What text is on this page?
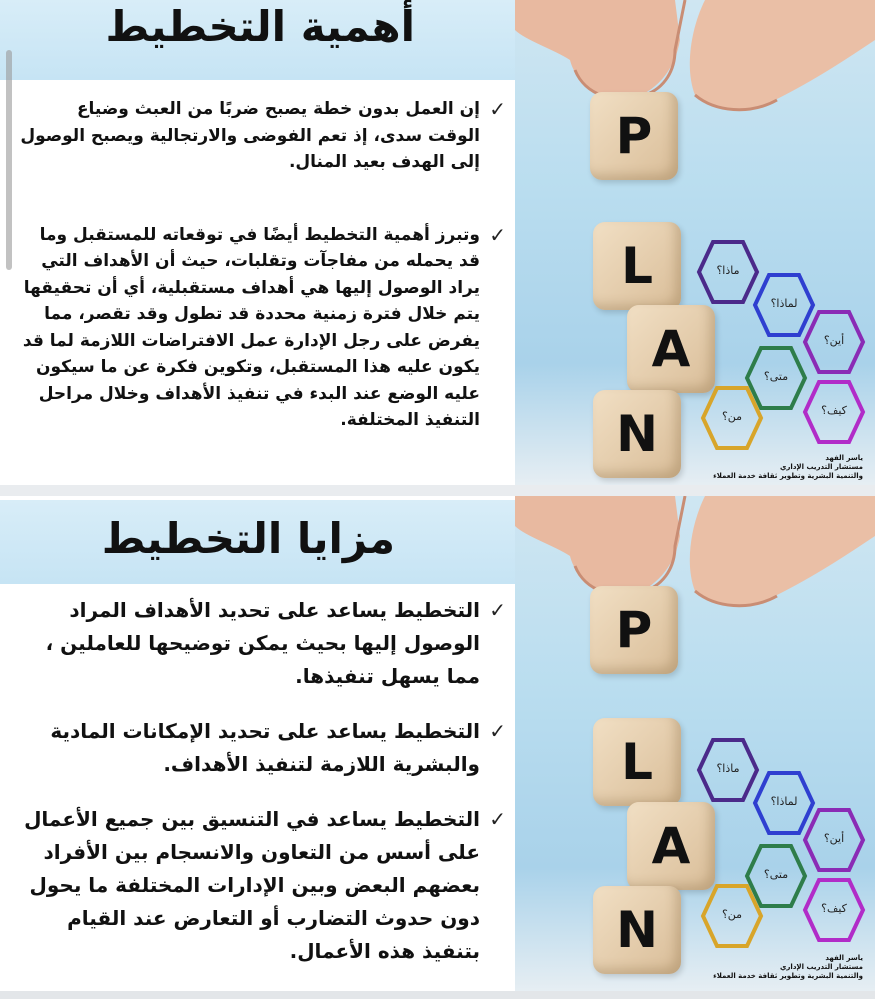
أهمية التخطيط

✓
إن العمل بدون خطة يصبح ضربًا من العبث وضياع الوقت سدى، إذ تعم الفوضى والارتجالية ويصبح الوصول إلى الهدف بعيد المنال.

✓
وتبرز أهمية التخطيط أيضًا في توقعاته للمستقبل وما قد يحمله من مفاجآت وتقلبات، حيث أن الأهداف التي يراد الوصول إليها هي أهداف مستقبلية، أي أن تحقيقها يتم خلال فترة زمنية محددة قد تطول وقد تقصر، مما يفرض على رجل الإدارة عمل الافتراضات اللازمة لما قد يكون عليه هذا المستقبل، وتكوين فكرة عن ما سيكون عليه الوضع عند البدء في تنفيذ الأهداف وخلال مراحل التنفيذ المختلفة.

P
L
A
N
ماذا؟
لماذا؟
أين؟
متى؟
كيف؟
من؟
ياسر الفهد
مستشار التدريب الإداري
والتنمية البشرية وتطوير ثقافة خدمة العملاء
مزايا التخطيط

✓
التخطيط يساعد على تحديد الأهداف المراد الوصول إليها بحيث يمكن توضيحها للعاملين ، مما يسهل تنفيذها.

✓
التخطيط يساعد على تحديد الإمكانات المادية والبشرية اللازمة لتنفيذ الأهداف.

✓
التخطيط يساعد في التنسيق بين جميع الأعمال على أسس من التعاون والانسجام بين الأفراد بعضهم البعض وبين الإدارات المختلفة ما يحول دون حدوث التضارب أو التعارض عند القيام بتنفيذ هذه الأعمال.

P
L
A
N
ماذا؟
لماذا؟
أين؟
متى؟
كيف؟
من؟
ياسر الفهد
مستشار التدريب الإداري
والتنمية البشرية وتطوير ثقافة خدمة العملاء
